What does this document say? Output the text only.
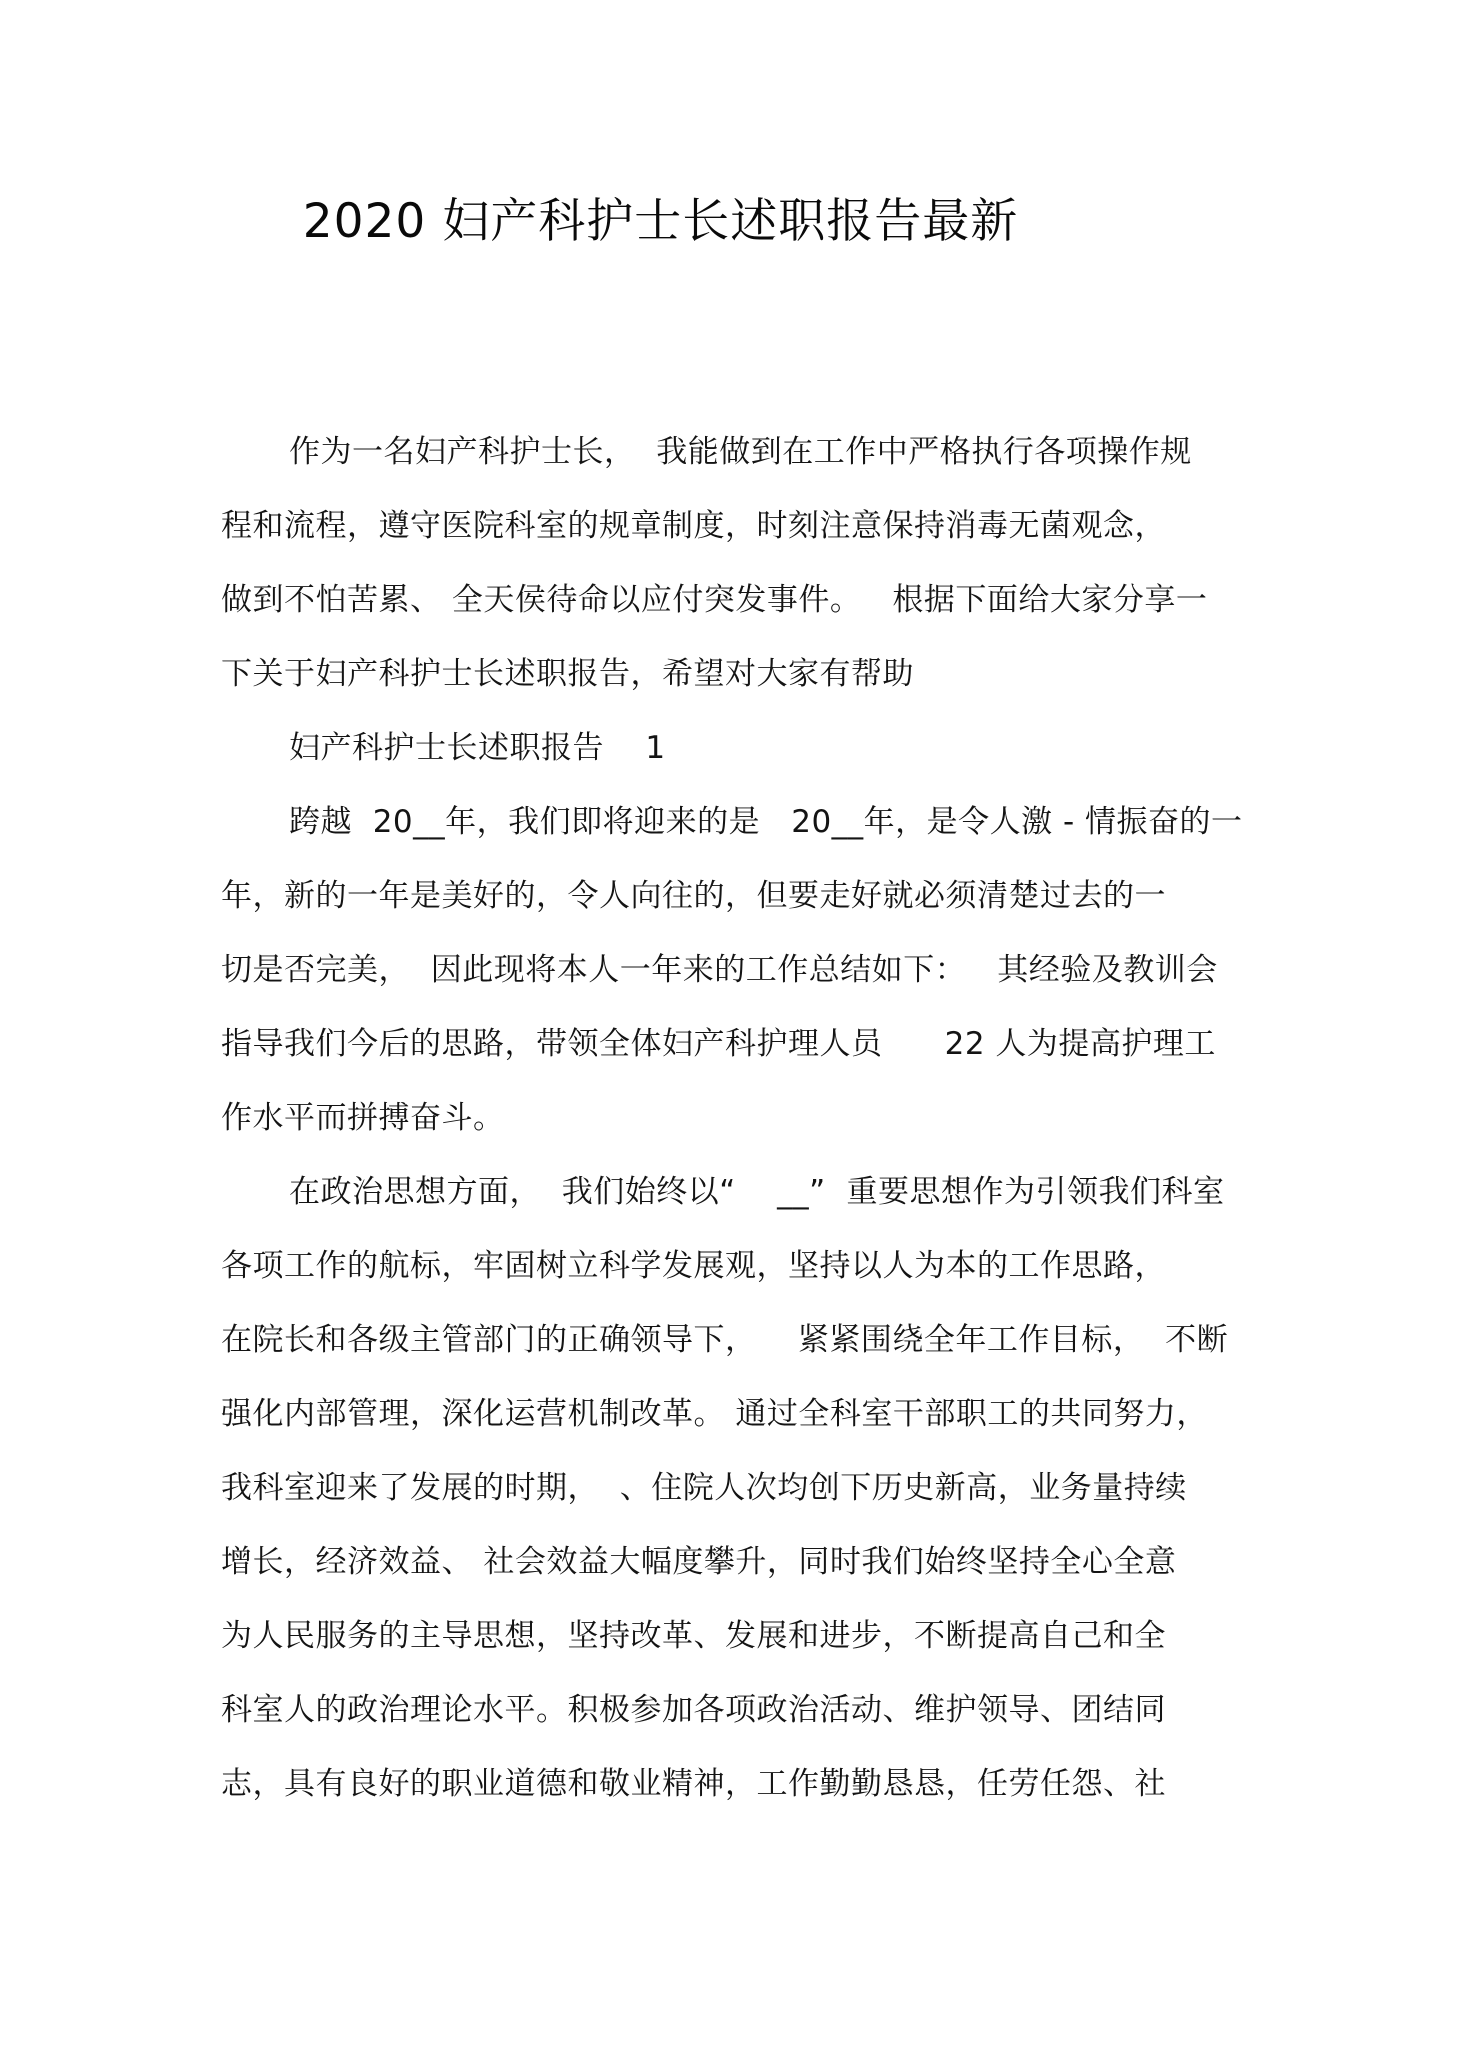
2020 妇产科护士长述职报告最新
作为一名妇产科护士长，  我能做到在工作中严格执行各项操作规
程和流程，遵守医院科室的规章制度，时刻注意保持消毒无菌观念，
做到不怕苦累、 全天侯待命以应付突发事件。   根据下面给大家分享一
下关于妇产科护士长述职报告，希望对大家有帮助
妇产科护士长述职报告    1
跨越  20__年，我们即将迎来的是   20__年，是令人激 - 情振奋的一
年，新的一年是美好的，令人向往的，但要走好就必须清楚过去的一
切是否完美，  因此现将本人一年来的工作总结如下：   其经验及教训会
指导我们今后的思路，带领全体妇产科护理人员      22 人为提高护理工
作水平而拼搏奋斗。
在政治思想方面，  我们始终以“    __”  重要思想作为引领我们科室
各项工作的航标，牢固树立科学发展观，坚持以人为本的工作思路，
在院长和各级主管部门的正确领导下，    紧紧围绕全年工作目标，  不断
强化内部管理，深化运营机制改革。 通过全科室干部职工的共同努力，
我科室迎来了发展的时期，  、住院人次均创下历史新高，业务量持续
增长，经济效益、 社会效益大幅度攀升，同时我们始终坚持全心全意
为人民服务的主导思想，坚持改革、发展和进步，不断提高自己和全
科室人的政治理论水平。积极参加各项政治活动、维护领导、团结同
志，具有良好的职业道德和敬业精神，工作勤勤恳恳，任劳任怨、社
